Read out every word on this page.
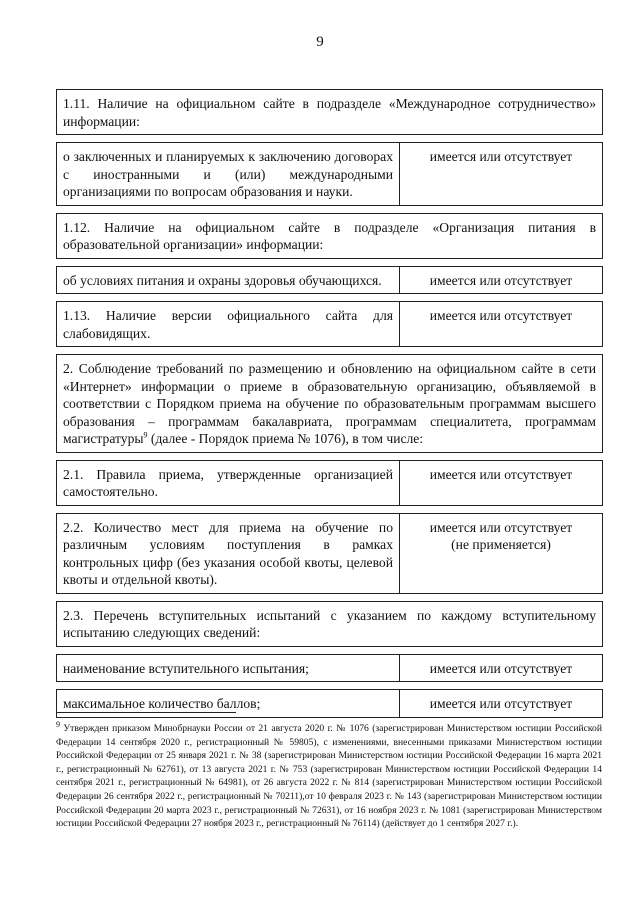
9
1.11. Наличие на официальном сайте в подразделе «Международное сотрудничество» информации:	

о заключенных и планируемых к заключению договорах с иностранными и (или) международными организациями по вопросам образования и науки.	имеется или отсутствует

1.12. Наличие на официальном сайте в подразделе «Организация питания в образовательной организации» информации:	

об условиях питания и охраны здоровья обучающихся.	имеется или отсутствует

1.13. Наличие версии официального сайта для слабовидящих.	имеется или отсутствует

2. Соблюдение требований по размещению и обновлению на официальном сайте в сети «Интернет» информации о приеме в образовательную организацию, объявляемой в соответствии с Порядком приема на обучение по образовательным программам высшего образования – программам бакалавриата, программам специалитета, программам магистратуры$^9$ (далее - Порядок приема № 1076), в том числе:	

2.1. Правила приема, утвержденные организацией самостоятельно.	имеется или отсутствует

2.2. Количество мест для приема на обучение по различным условиям поступления в рамках контрольных цифр (без указания особой квоты, целевой квоты и отдельной квоты).	имеется или отсутствует
(не применяется)

2.3. Перечень вступительных испытаний с указанием по каждому вступительному испытанию следующих сведений:	

наименование вступительного испытания;	имеется или отсутствует

максимальное количество баллов;	имеется или отсутствует
$^9$ Утвержден приказом Минобрнауки России от 21 августа 2020 г. № 1076 (зарегистрирован Министерством юстиции Российской Федерации 14 сентября 2020 г., регистрационный № 59805), с изменениями, внесенными приказами Министерством юстиции Российской Федерации от 25 января 2021 г. № 38 (зарегистрирован Министерством юстиции Российской Федерации 16 марта 2021 г., регистрационный № 62761), от 13 августа 2021 г. № 753 (зарегистрирован Министерством юстиции Российской Федерации 14 сентября 2021 г., регистрационный № 64981), от 26 августа 2022 г. № 814 (зарегистрирован Министерством юстиции Российской Федерации 26 сентября 2022 г., регистрационный № 70211),от 10 февраля 2023 г. № 143 (зарегистрирован Министерством юстиции Российской Федерации 20 марта 2023 г., регистрационный № 72631), от 16 ноября 2023 г. № 1081 (зарегистрирован Министерством юстиции Российской Федерации 27 ноября 2023 г., регистрационный № 76114) (действует до 1 сентября 2027 г.).
